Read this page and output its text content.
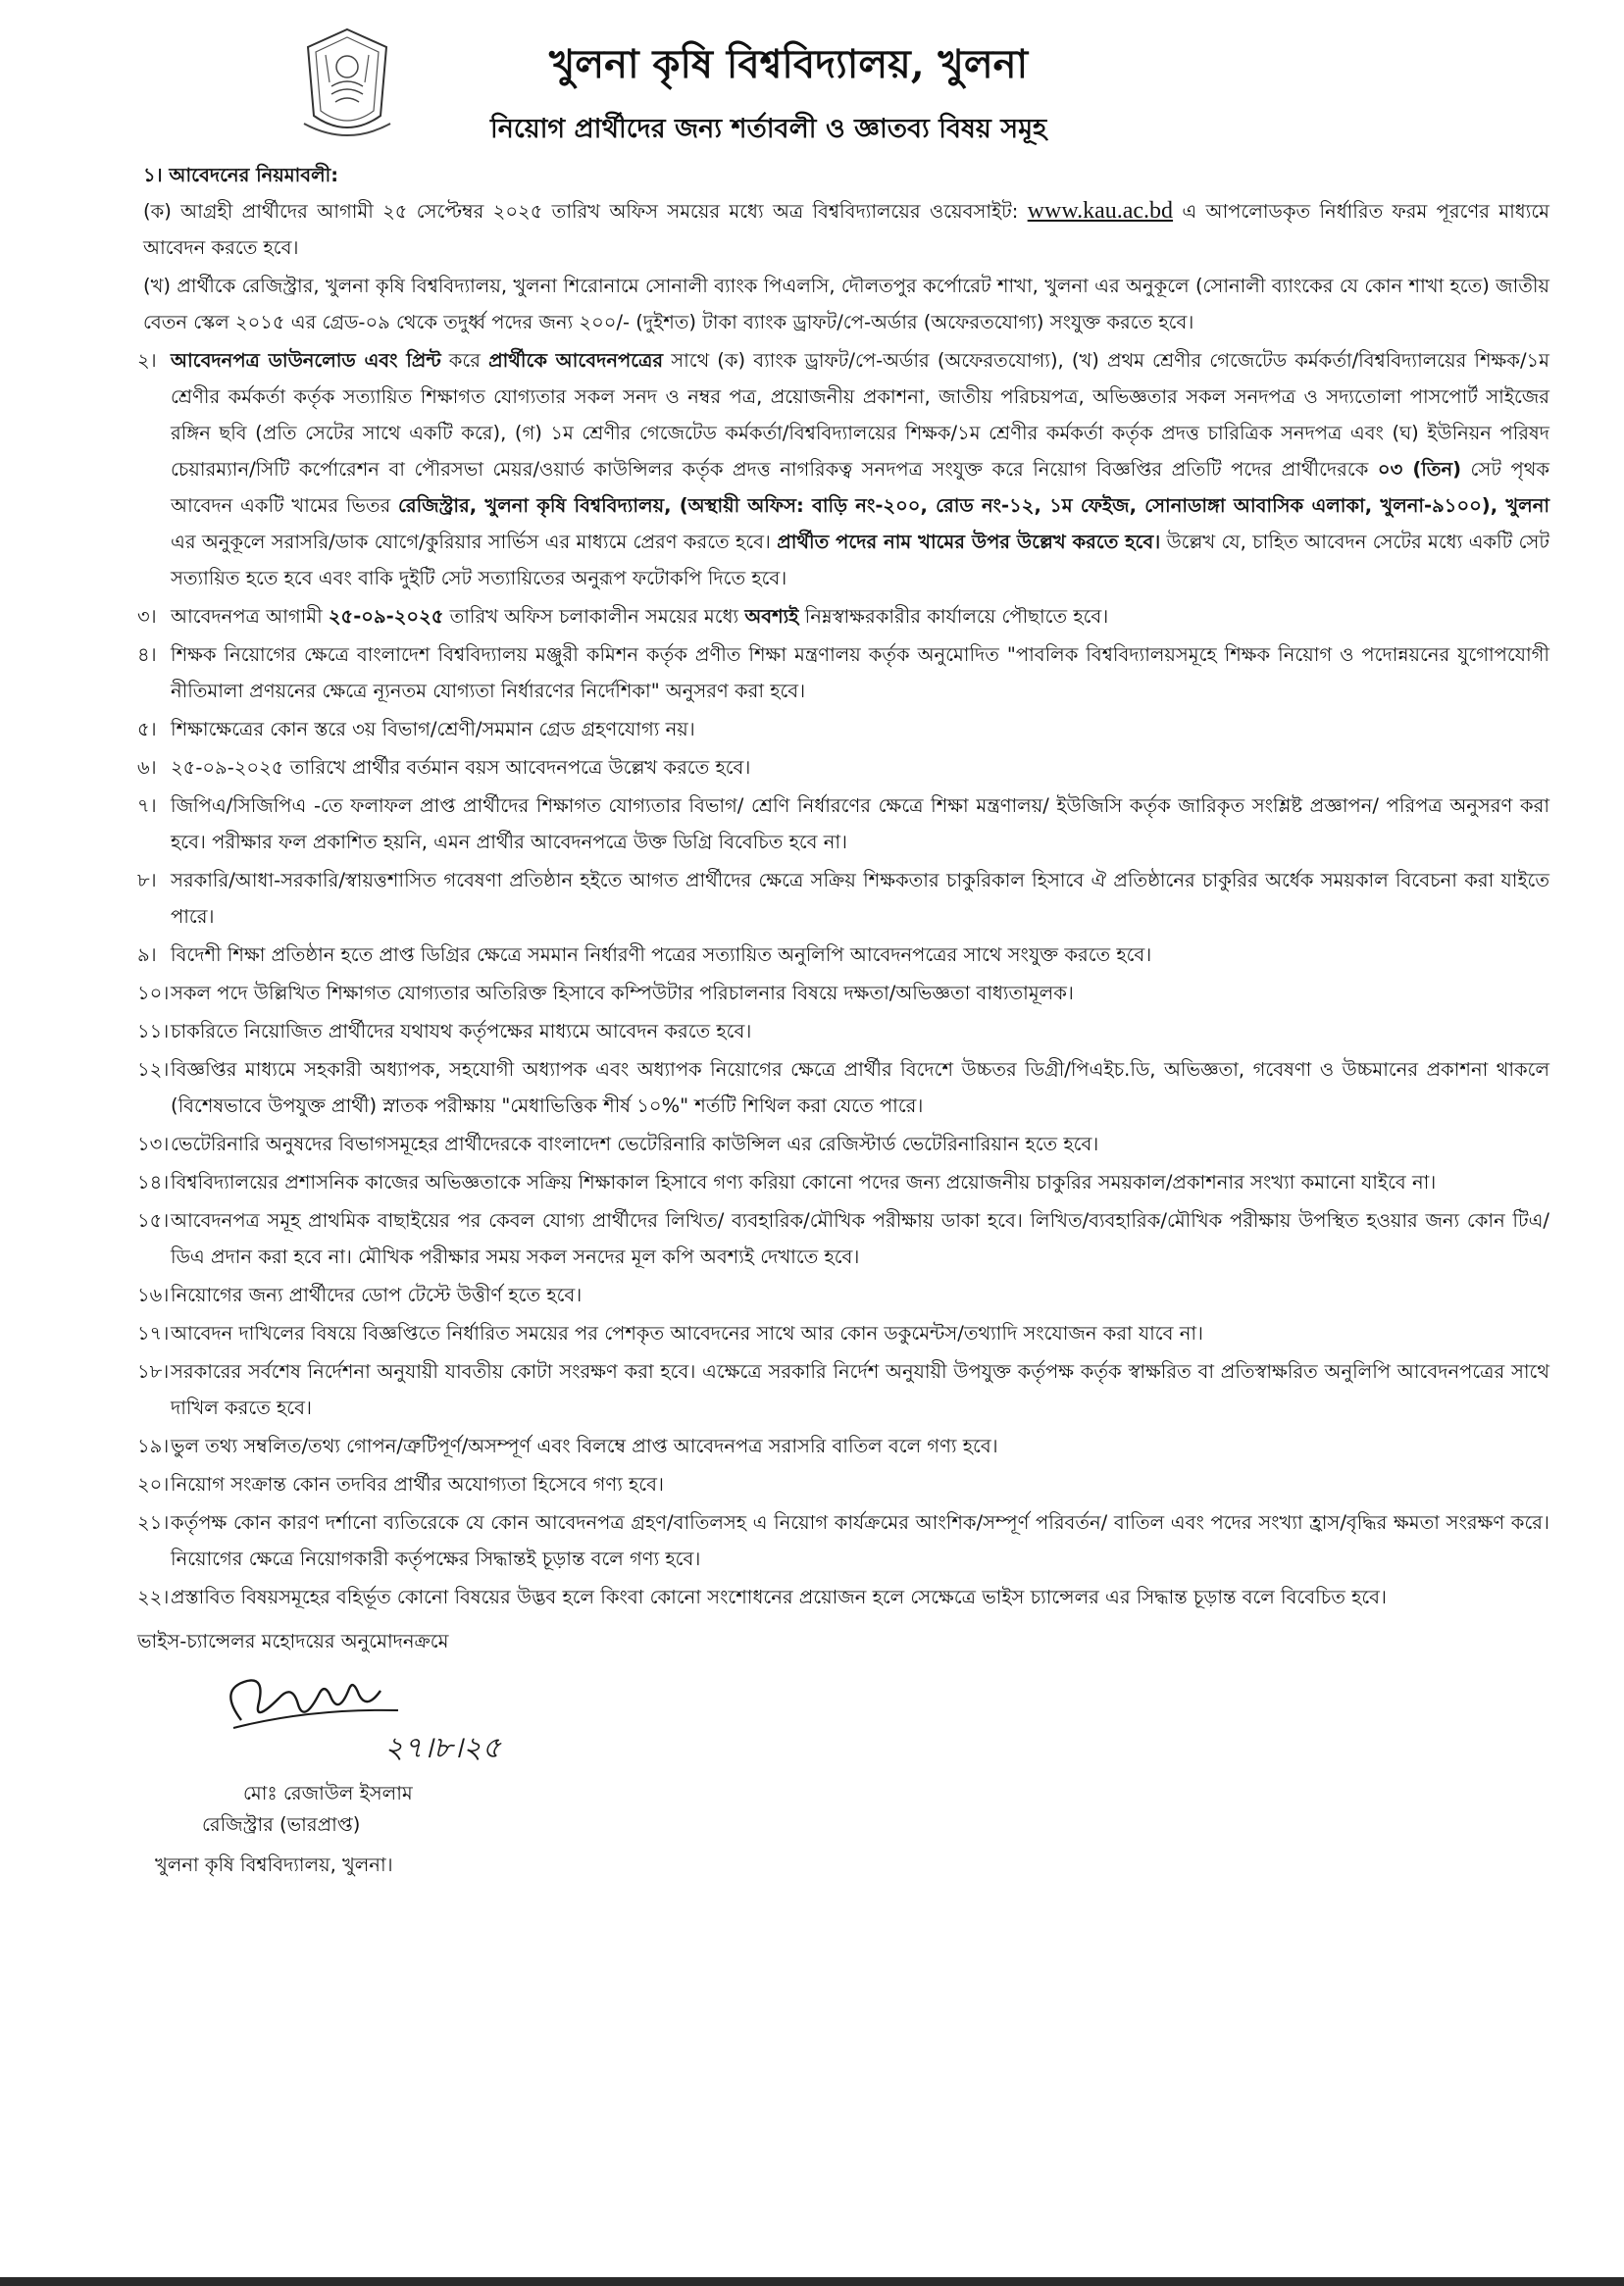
খুলনা কৃষি বিশ্ববিদ্যালয়, খুলনা
নিয়োগ প্রার্থীদের জন্য শর্তাবলী ও জ্ঞাতব্য বিষয় সমূহ

১। আবেদনের নিয়মাবলী:

(ক) আগ্রহী প্রার্থীদের আগামী ২৫ সেপ্টেম্বর ২০২৫ তারিখ অফিস সময়ের মধ্যে অত্র বিশ্ববিদ্যালয়ের ওয়েবসাইট: www.kau.ac.bd এ আপলোডকৃত নির্ধারিত ফরম পূরণের মাধ্যমে আবেদন করতে হবে।

(খ) প্রার্থীকে রেজিস্ট্রার, খুলনা কৃষি বিশ্ববিদ্যালয়, খুলনা শিরোনামে সোনালী ব্যাংক পিএলসি, দৌলতপুর কর্পোরেট শাখা, খুলনা এর অনুকূলে (সোনালী ব্যাংকের যে কোন শাখা হতে) জাতীয় বেতন স্কেল ২০১৫ এর গ্রেড-০৯ থেকে তদুর্ধ্ব পদের জন্য ২০০/- (দুইশত) টাকা ব্যাংক ড্রাফট/পে-অর্ডার (অফেরতযোগ্য) সংযুক্ত করতে হবে।

২। আবেদনপত্র ডাউনলোড এবং প্রিন্ট করে প্রার্থীকে আবেদনপত্রের সাথে (ক) ব্যাংক ড্রাফট/পে-অর্ডার (অফেরতযোগ্য), (খ) প্রথম শ্রেণীর গেজেটেড কর্মকর্তা/বিশ্ববিদ্যালয়ের শিক্ষক/১ম শ্রেণীর কর্মকর্তা কর্তৃক সত্যায়িত শিক্ষাগত যোগ্যতার সকল সনদ ও নম্বর পত্র, প্রয়োজনীয় প্রকাশনা, জাতীয় পরিচয়পত্র, অভিজ্ঞতার সকল সনদপত্র ও সদ্যতোলা পাসপোর্ট সাইজের রঙ্গিন ছবি (প্রতি সেটের সাথে একটি করে), (গ) ১ম শ্রেণীর গেজেটেড কর্মকর্তা/বিশ্ববিদ্যালয়ের শিক্ষক/১ম শ্রেণীর কর্মকর্তা কর্তৃক প্রদত্ত চারিত্রিক সনদপত্র এবং (ঘ) ইউনিয়ন পরিষদ চেয়ারম্যান/সিটি কর্পোরেশন বা পৌরসভা মেয়র/ওয়ার্ড কাউন্সিলর কর্তৃক প্রদত্ত নাগরিকত্ব সনদপত্র সংযুক্ত করে নিয়োগ বিজ্ঞপ্তির প্রতিটি পদের প্রার্থীদেরকে ০৩ (তিন) সেট পৃথক আবেদন একটি খামের ভিতর রেজিস্ট্রার, খুলনা কৃষি বিশ্ববিদ্যালয়, (অস্থায়ী অফিস: বাড়ি নং-২০০, রোড নং-১২, ১ম ফেইজ, সোনাডাঙ্গা আবাসিক এলাকা, খুলনা-৯১০০), খুলনা এর অনুকূলে সরাসরি/ডাক যোগে/কুরিয়ার সার্ভিস এর মাধ্যমে প্রেরণ করতে হবে। প্রার্থীত পদের নাম খামের উপর উল্লেখ করতে হবে। উল্লেখ যে, চাহিত আবেদন সেটের মধ্যে একটি সেট সত্যায়িত হতে হবে এবং বাকি দুইটি সেট সত্যায়িতের অনুরূপ ফটোকপি দিতে হবে।
৩। আবেদনপত্র আগামী ২৫-০৯-২০২৫ তারিখ অফিস চলাকালীন সময়ের মধ্যে অবশ্যই নিম্নস্বাক্ষরকারীর কার্যালয়ে পৌছাতে হবে।
৪। শিক্ষক নিয়োগের ক্ষেত্রে বাংলাদেশ বিশ্ববিদ্যালয় মঞ্জুরী কমিশন কর্তৃক প্রণীত শিক্ষা মন্ত্রণালয় কর্তৃক অনুমোদিত "পাবলিক বিশ্ববিদ্যালয়সমূহে শিক্ষক নিয়োগ ও পদোন্নয়নের যুগোপযোগী নীতিমালা প্রণয়নের ক্ষেত্রে ন্যূনতম যোগ্যতা নির্ধারণের নির্দেশিকা" অনুসরণ করা হবে।
৫। শিক্ষাক্ষেত্রের কোন স্তরে ৩য় বিভাগ/শ্রেণী/সমমান গ্রেড গ্রহণযোগ্য নয়।
৬। ২৫-০৯-২০২৫ তারিখে প্রার্থীর বর্তমান বয়স আবেদনপত্রে উল্লেখ করতে হবে।
৭। জিপিএ/সিজিপিএ -তে ফলাফল প্রাপ্ত প্রার্থীদের শিক্ষাগত যোগ্যতার বিভাগ/ শ্রেণি নির্ধারণের ক্ষেত্রে শিক্ষা মন্ত্রণালয়/ ইউজিসি কর্তৃক জারিকৃত সংশ্লিষ্ট প্রজ্ঞাপন/ পরিপত্র অনুসরণ করা হবে। পরীক্ষার ফল প্রকাশিত হয়নি, এমন প্রার্থীর আবেদনপত্রে উক্ত ডিগ্রি বিবেচিত হবে না।
৮। সরকারি/আধা-সরকারি/স্বায়ত্তশাসিত গবেষণা প্রতিষ্ঠান হইতে আগত প্রার্থীদের ক্ষেত্রে সক্রিয় শিক্ষকতার চাকুরিকাল হিসাবে ঐ প্রতিষ্ঠানের চাকুরির অর্ধেক সময়কাল বিবেচনা করা যাইতে পারে।
৯। বিদেশী শিক্ষা প্রতিষ্ঠান হতে প্রাপ্ত ডিগ্রির ক্ষেত্রে সমমান নির্ধারণী পত্রের সত্যায়িত অনুলিপি আবেদনপত্রের সাথে সংযুক্ত করতে হবে।
১০। সকল পদে উল্লিখিত শিক্ষাগত যোগ্যতার অতিরিক্ত হিসাবে কম্পিউটার পরিচালনার বিষয়ে দক্ষতা/অভিজ্ঞতা বাধ্যতামূলক।
১১। চাকরিতে নিয়োজিত প্রার্থীদের যথাযথ কর্তৃপক্ষের মাধ্যমে আবেদন করতে হবে।
১২। বিজ্ঞপ্তির মাধ্যমে সহকারী অধ্যাপক, সহযোগী অধ্যাপক এবং অধ্যাপক নিয়োগের ক্ষেত্রে প্রার্থীর বিদেশে উচ্চতর ডিগ্রী/পিএইচ.ডি, অভিজ্ঞতা, গবেষণা ও উচ্চমানের প্রকাশনা থাকলে (বিশেষভাবে উপযুক্ত প্রার্থী) স্নাতক পরীক্ষায় "মেধাভিত্তিক শীর্ষ ১০%" শর্তটি শিথিল করা যেতে পারে।
১৩। ভেটেরিনারি অনুষদের বিভাগসমূহের প্রার্থীদেরকে বাংলাদেশ ভেটেরিনারি কাউন্সিল এর রেজিস্টার্ড ভেটেরিনারিয়ান হতে হবে।
১৪। বিশ্ববিদ্যালয়ের প্রশাসনিক কাজের অভিজ্ঞতাকে সক্রিয় শিক্ষাকাল হিসাবে গণ্য করিয়া কোনো পদের জন্য প্রয়োজনীয় চাকুরির সময়কাল/প্রকাশনার সংখ্যা কমানো যাইবে না।
১৫। আবেদনপত্র সমূহ প্রাথমিক বাছাইয়ের পর কেবল যোগ্য প্রার্থীদের লিখিত/ ব্যবহারিক/মৌখিক পরীক্ষায় ডাকা হবে। লিখিত/ব্যবহারিক/মৌখিক পরীক্ষায় উপস্থিত হওয়ার জন্য কোন টিএ/ডিএ প্রদান করা হবে না। মৌখিক পরীক্ষার সময় সকল সনদের মূল কপি অবশ্যই দেখাতে হবে।
১৬। নিয়োগের জন্য প্রার্থীদের ডোপ টেস্টে উত্তীর্ণ হতে হবে।
১৭। আবেদন দাখিলের বিষয়ে বিজ্ঞপ্তিতে নির্ধারিত সময়ের পর পেশকৃত আবেদনের সাথে আর কোন ডকুমেন্টস/তথ্যাদি সংযোজন করা যাবে না।
১৮। সরকারের সর্বশেষ নির্দেশনা অনুযায়ী যাবতীয় কোটা সংরক্ষণ করা হবে। এক্ষেত্রে সরকারি নির্দেশ অনুযায়ী উপযুক্ত কর্তৃপক্ষ কর্তৃক স্বাক্ষরিত বা প্রতিস্বাক্ষরিত অনুলিপি আবেদনপত্রের সাথে দাখিল করতে হবে।
১৯। ভুল তথ্য সম্বলিত/তথ্য গোপন/ত্রুটিপূর্ণ/অসম্পূর্ণ এবং বিলম্বে প্রাপ্ত আবেদনপত্র সরাসরি বাতিল বলে গণ্য হবে।
২০। নিয়োগ সংক্রান্ত কোন তদবির প্রার্থীর অযোগ্যতা হিসেবে গণ্য হবে।
২১। কর্তৃপক্ষ কোন কারণ দর্শানো ব্যতিরেকে যে কোন আবেদনপত্র গ্রহণ/বাতিলসহ এ নিয়োগ কার্যক্রমের আংশিক/সম্পূর্ণ পরিবর্তন/ বাতিল এবং পদের সংখ্যা হ্রাস/বৃদ্ধির ক্ষমতা সংরক্ষণ করে। নিয়োগের ক্ষেত্রে নিয়োগকারী কর্তৃপক্ষের সিদ্ধান্তই চূড়ান্ত বলে গণ্য হবে।
২২। প্রস্তাবিত বিষয়সমূহের বহির্ভূত কোনো বিষয়ের উদ্ভব হলে কিংবা কোনো সংশোধনের প্রয়োজন হলে সেক্ষেত্রে ভাইস চ্যান্সেলর এর সিদ্ধান্ত চূড়ান্ত বলে বিবেচিত হবে।

ভাইস-চ্যান্সেলর মহোদয়ের অনুমোদনক্রমে

২৭।৮।২৫
মোঃ রেজাউল ইসলাম

রেজিস্ট্রার (ভারপ্রাপ্ত)

খুলনা কৃষি বিশ্ববিদ্যালয়, খুলনা।
